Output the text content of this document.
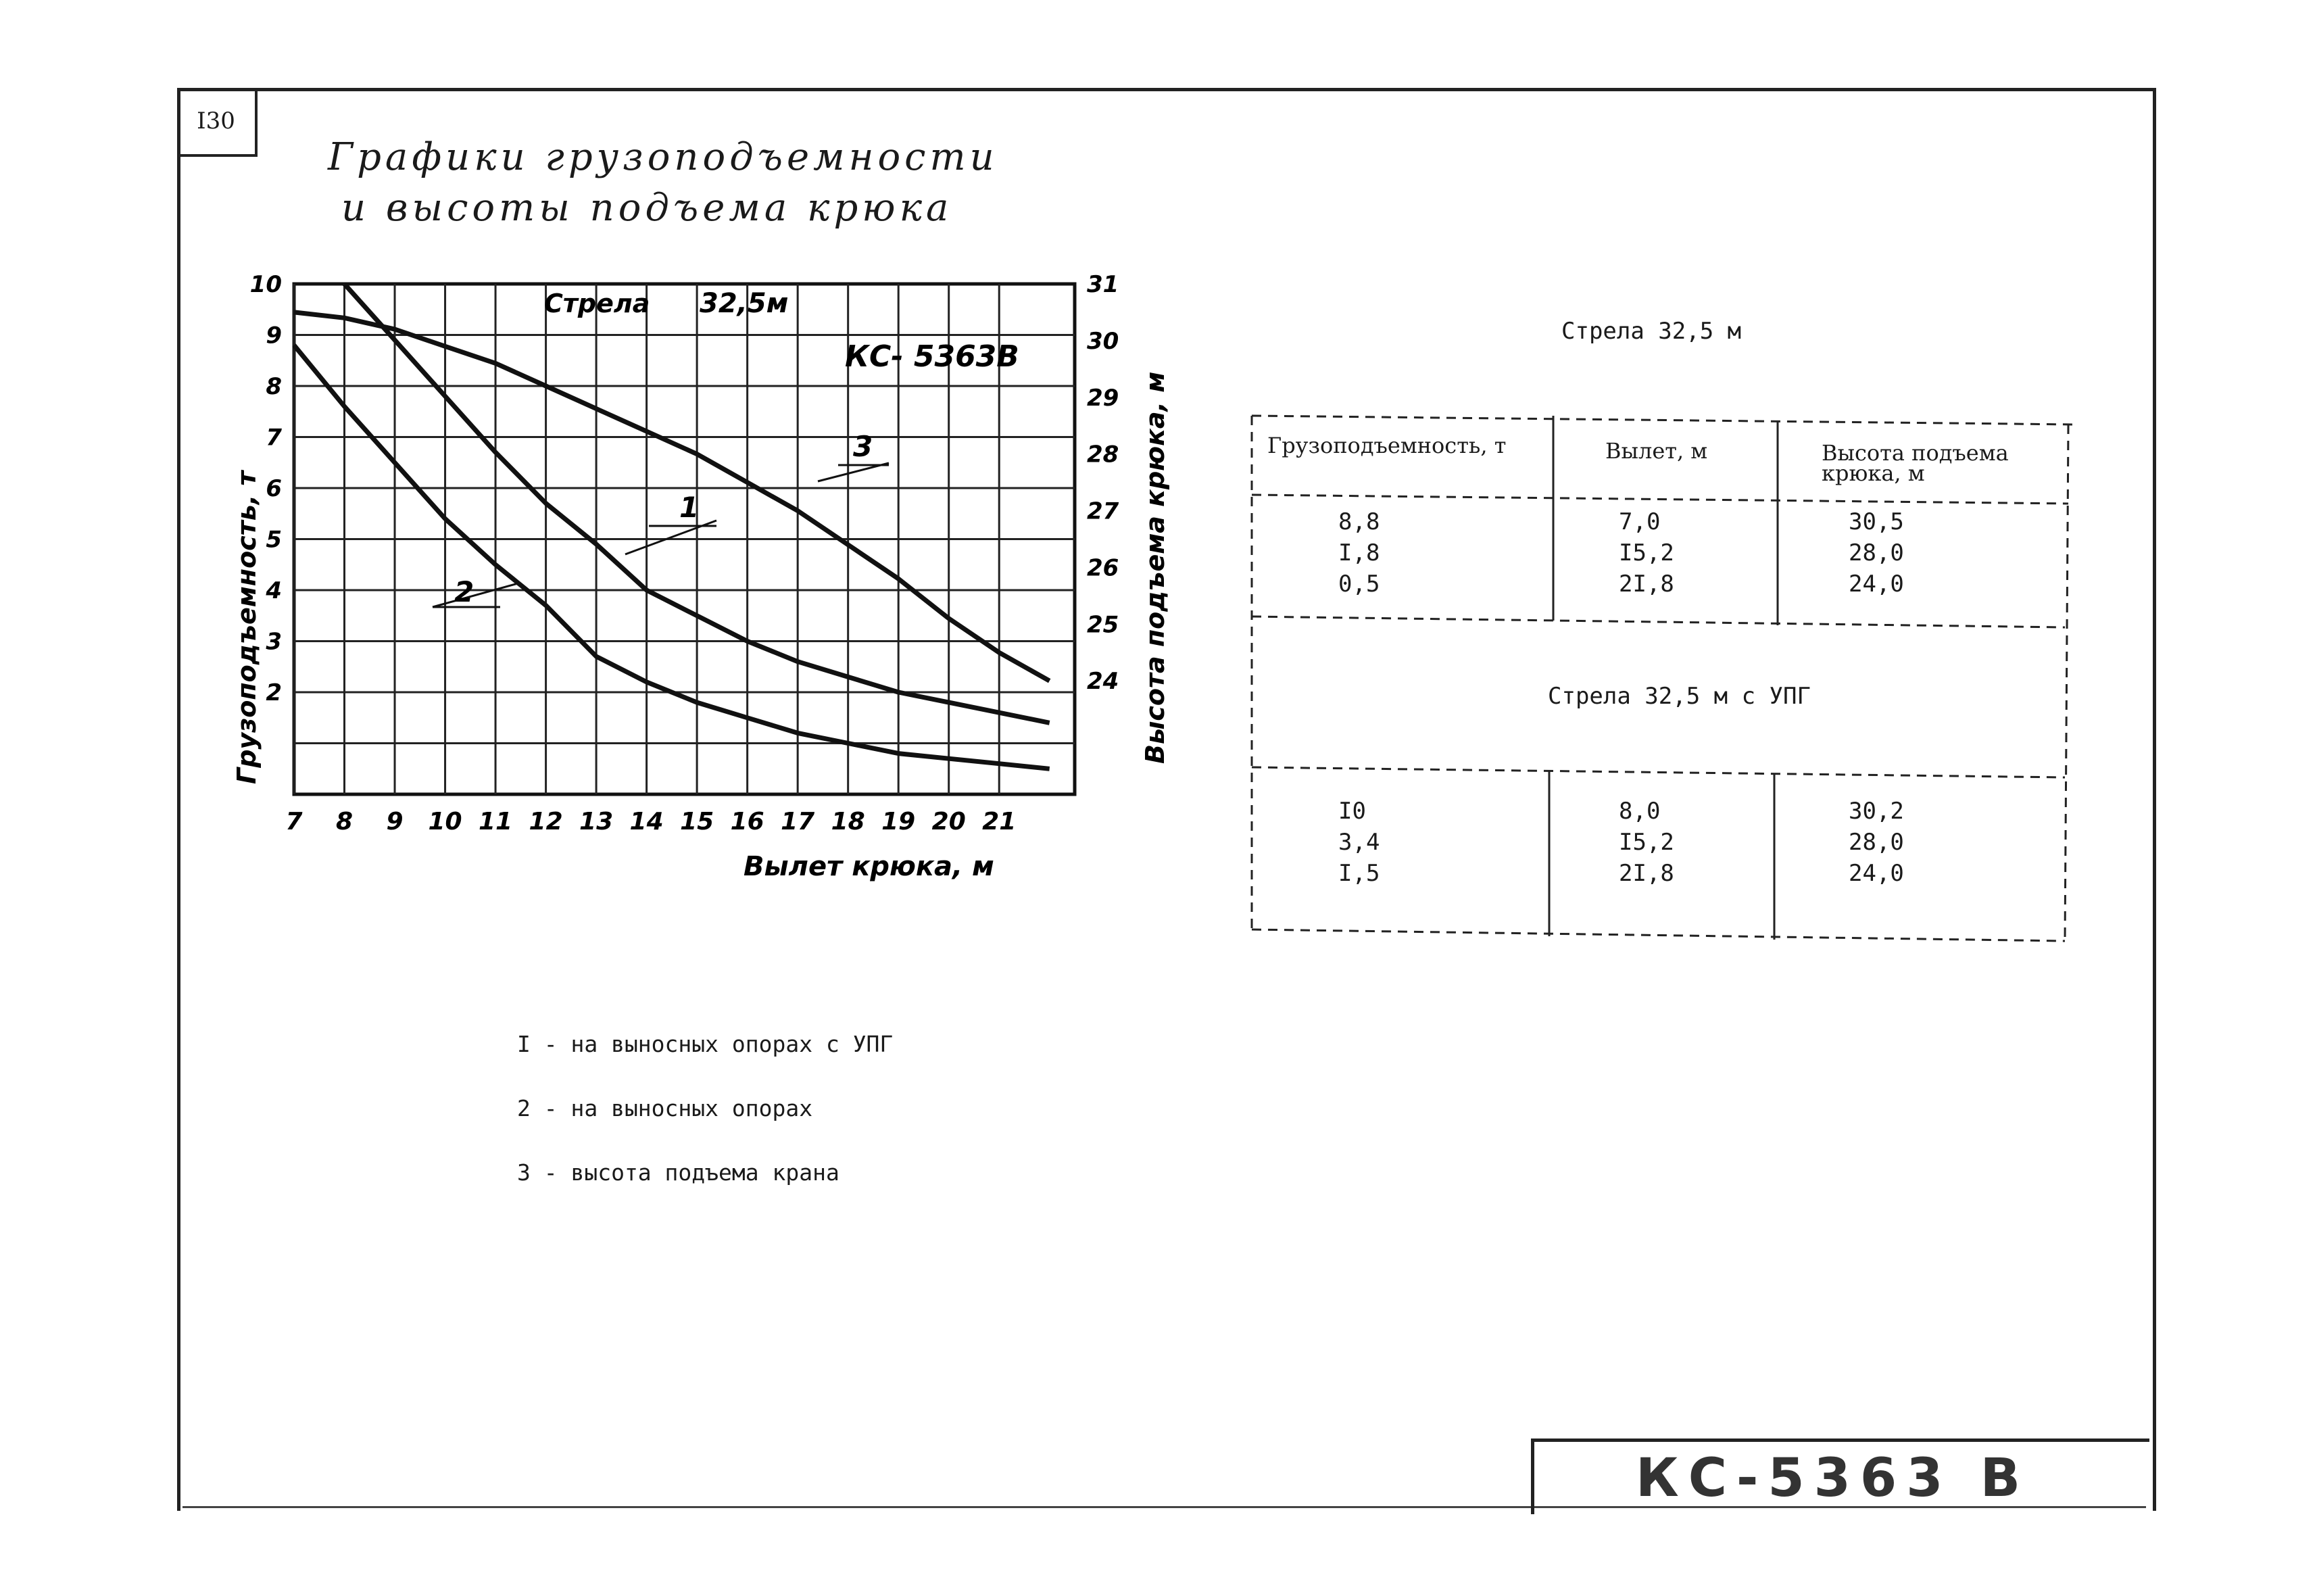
I30
Графики грузоподъемности
и высоты подъема крюка
7 8 9 10 11 12 13 14 15 16 17 18 19 20 21
2
3
4
5
6
7
8
9
10
24
25
26
27
28
29
30
31
Стрела 32,5м
КС- 5363В
Вылет крюка, м
Грузоподъемность, т	Высота подъема крюка, м
1
2
3
Стрела 32,5 м
Грузоподъемность, т	Вылет, м	Высота подъема
крюка, м
8,8	7,0	30,5
I,8	I5,2	28,0
0,5	2I,8	24,0
Стрела 32,5 м с УПГ
I0	8,0	30,2
3,4	I5,2	28,0
I,5	2I,8	24,0
I - на выносных опорах с УПГ
2 - на выносных опорах
3 - высота подъема крана
КС-5363 В
